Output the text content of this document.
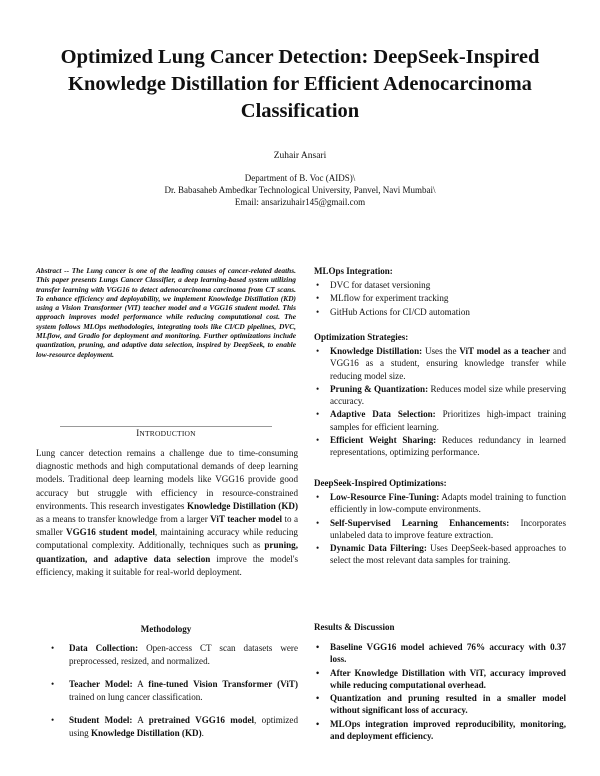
Optimized Lung Cancer Detection: DeepSeek-Inspired Knowledge Distillation for Efficient Adenocarcinoma Classification
Zuhair Ansari
Department of B. Voc (AIDS)\
Dr. Babasaheb Ambedkar Technological University, Panvel, Navi Mumbai\
Email: ansarizuhair145@gmail.com
Abstract -- The Lung cancer is one of the leading causes of cancer-related deaths. This paper presents Lungs Cancer Classifier, a deep learning-based system utilizing transfer learning with VGG16 to detect adenocarcinoma carcinoma from CT scans. To enhance efficiency and deployability, we implement Knowledge Distillation (KD) using a Vision Transformer (ViT) teacher model and a VGG16 student model. This approach improves model performance while reducing computational cost. The system follows MLOps methodologies, integrating tools like CI/CD pipelines, DVC, MLflow, and Gradio for deployment and monitoring. Further optimizations include quantization, pruning, and adaptive data selection, inspired by DeepSeek, to enable low-resource deployment.
INTRODUCTION
Lung cancer detection remains a challenge due to time-consuming diagnostic methods and high computational demands of deep learning models. Traditional deep learning models like VGG16 provide good accuracy but struggle with efficiency in resource-constrained environments. This research investigates Knowledge Distillation (KD) as a means to transfer knowledge from a larger ViT teacher model to a smaller VGG16 student model, maintaining accuracy while reducing computational complexity. Additionally, techniques such as pruning, quantization, and adaptive data selection improve the model's efficiency, making it suitable for real-world deployment.
Methodology
• Data Collection: Open-access CT scan datasets were preprocessed, resized, and normalized.
• Teacher Model: A fine-tuned Vision Transformer (ViT) trained on lung cancer classification.
• Student Model: A pretrained VGG16 model, optimized using Knowledge Distillation (KD).
MLOps Integration:
• DVC for dataset versioning
• MLflow for experiment tracking
• GitHub Actions for CI/CD automation
Optimization Strategies:
• Knowledge Distillation: Uses the ViT model as a teacher and VGG16 as a student, ensuring knowledge transfer while reducing model size.
• Pruning & Quantization: Reduces model size while preserving accuracy.
• Adaptive Data Selection: Prioritizes high-impact training samples for efficient learning.
• Efficient Weight Sharing: Reduces redundancy in learned representations, optimizing performance.
DeepSeek-Inspired Optimizations:
• Low-Resource Fine-Tuning: Adapts model training to function efficiently in low-compute environments.
• Self-Supervised Learning Enhancements: Incorporates unlabeled data to improve feature extraction.
• Dynamic Data Filtering: Uses DeepSeek-based approaches to select the most relevant data samples for training.
Results & Discussion
• Baseline VGG16 model achieved 76% accuracy with 0.37 loss.
• After Knowledge Distillation with ViT, accuracy improved while reducing computational overhead.
• Quantization and pruning resulted in a smaller model without significant loss of accuracy.
• MLOps integration improved reproducibility, monitoring, and deployment efficiency.
